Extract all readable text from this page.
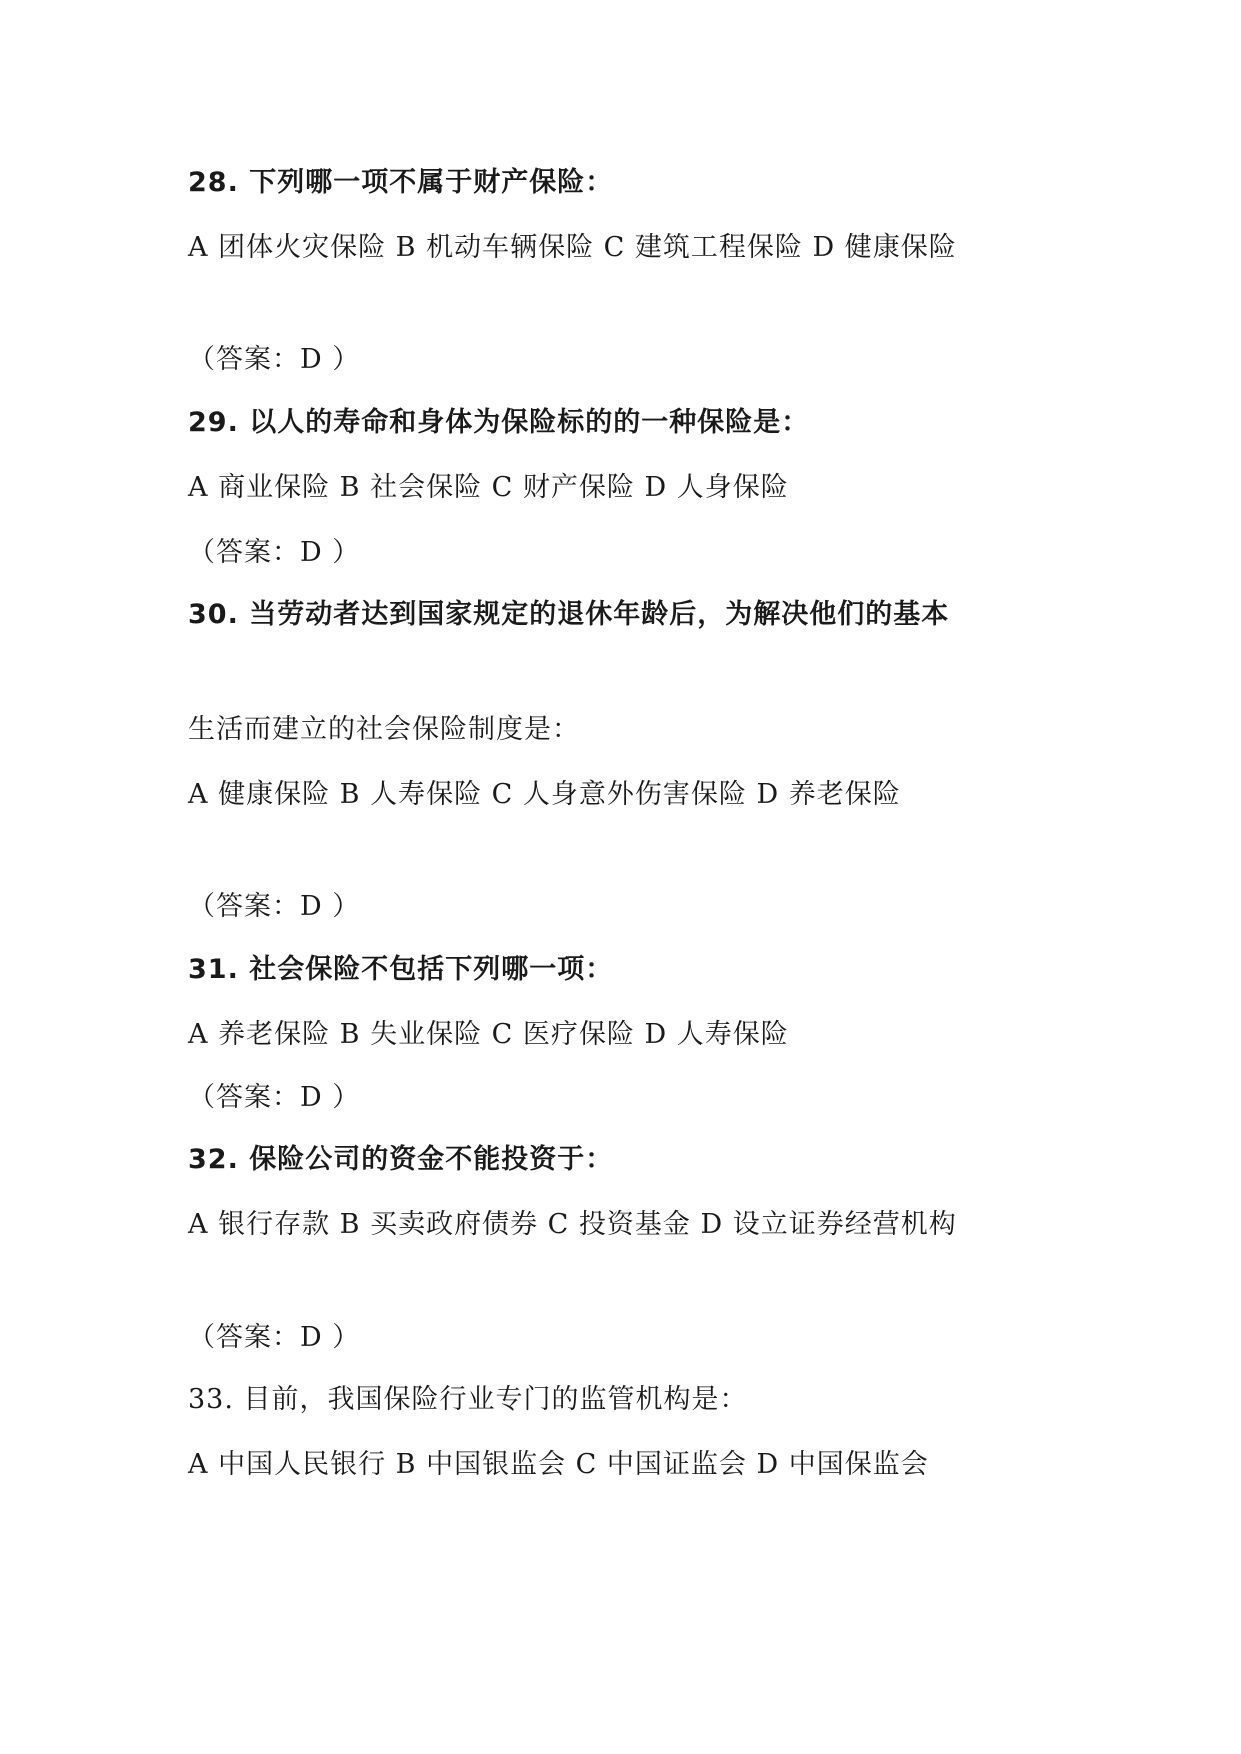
28. 下列哪一项不属于财产保险：
A 团体火灾保险 B 机动车辆保险 C 建筑工程保险 D 健康保险
（答案：D ）
29. 以人的寿命和身体为保险标的的一种保险是：
A 商业保险 B 社会保险 C 财产保险 D 人身保险
（答案：D ）
30. 当劳动者达到国家规定的退休年龄后，为解决他们的基本
生活而建立的社会保险制度是：
A 健康保险 B 人寿保险 C 人身意外伤害保险 D 养老保险
（答案：D ）
31. 社会保险不包括下列哪一项：
A 养老保险 B 失业保险 C 医疗保险 D 人寿保险
（答案：D ）
32. 保险公司的资金不能投资于：
A 银行存款 B 买卖政府债券 C 投资基金 D 设立证券经营机构
（答案：D ）
33. 目前，我国保险行业专门的监管机构是：
A 中国人民银行 B 中国银监会 C 中国证监会 D 中国保监会
